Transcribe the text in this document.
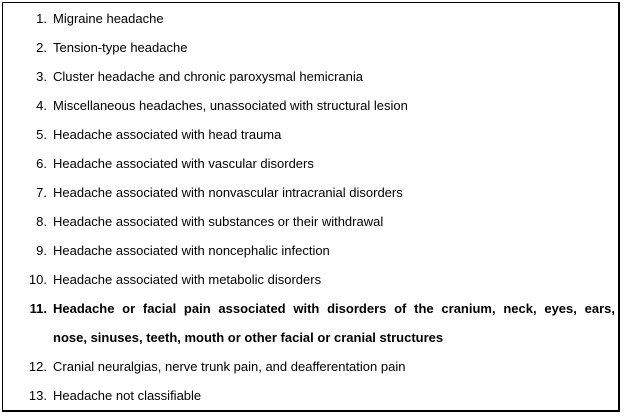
1. Migraine headache
2. Tension-type headache
3. Cluster headache and chronic paroxysmal hemicrania
4. Miscellaneous headaches, unassociated with structural lesion
5. Headache associated with head trauma
6. Headache associated with vascular disorders
7. Headache associated with nonvascular intracranial disorders
8. Headache associated with substances or their withdrawal
9. Headache associated with noncephalic infection
10. Headache associated with metabolic disorders
11. Headache or facial pain associated with disorders of the cranium, neck, eyes, ears,
nose, sinuses, teeth, mouth or other facial or cranial structures
12. Cranial neuralgias, nerve trunk pain, and deafferentation pain
13. Headache not classifiable
